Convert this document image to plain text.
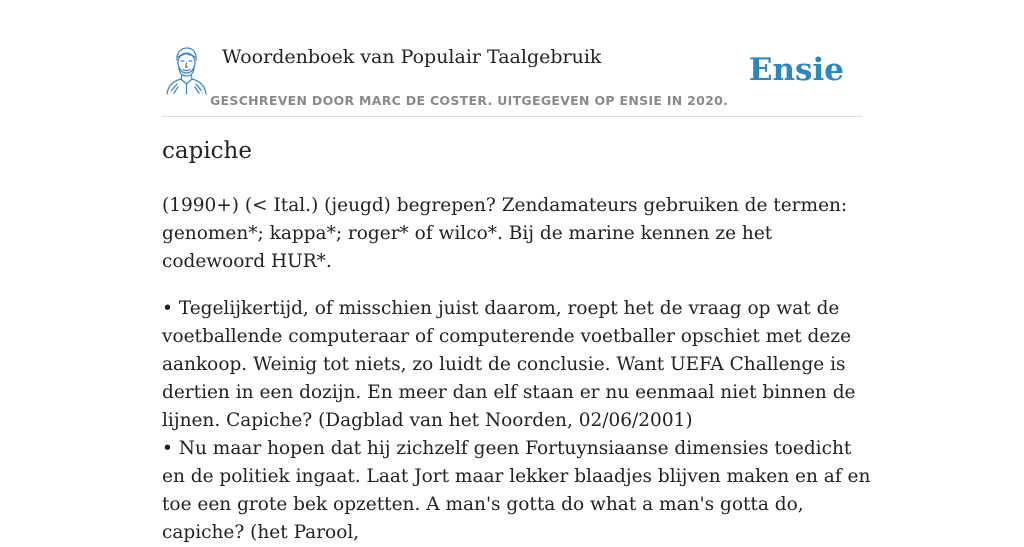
Woordenboek van Populair Taalgebruik
GESCHREVEN DOOR MARC DE COSTER. UITGEGEVEN OP ENSIE IN 2020.
Ensie
capiche

(1990+) (< Ital.) (jeugd) begrepen? Zendamateurs gebruiken de termen: genomen*; kappa*; roger* of wilco*. Bij de marine kennen ze het codewoord HUR*.

• Tegelijkertijd, of misschien juist daarom, roept het de vraag op wat de voetballende computeraar of computerende voetballer opschiet met deze aankoop. Weinig tot niets, zo luidt de conclusie. Want UEFA Challenge is dertien in een dozijn. En meer dan elf staan er nu eenmaal niet binnen de lijnen. Capiche? (Dagblad van het Noorden, 02/06/2001)

• Nu maar hopen dat hij zichzelf geen Fortuynsiaanse dimensies toedicht en de politiek ingaat. Laat Jort maar lekker blaadjes blijven maken en af en toe een grote bek opzetten. A man's gotta do what a man's gotta do, capiche? (het Parool,
